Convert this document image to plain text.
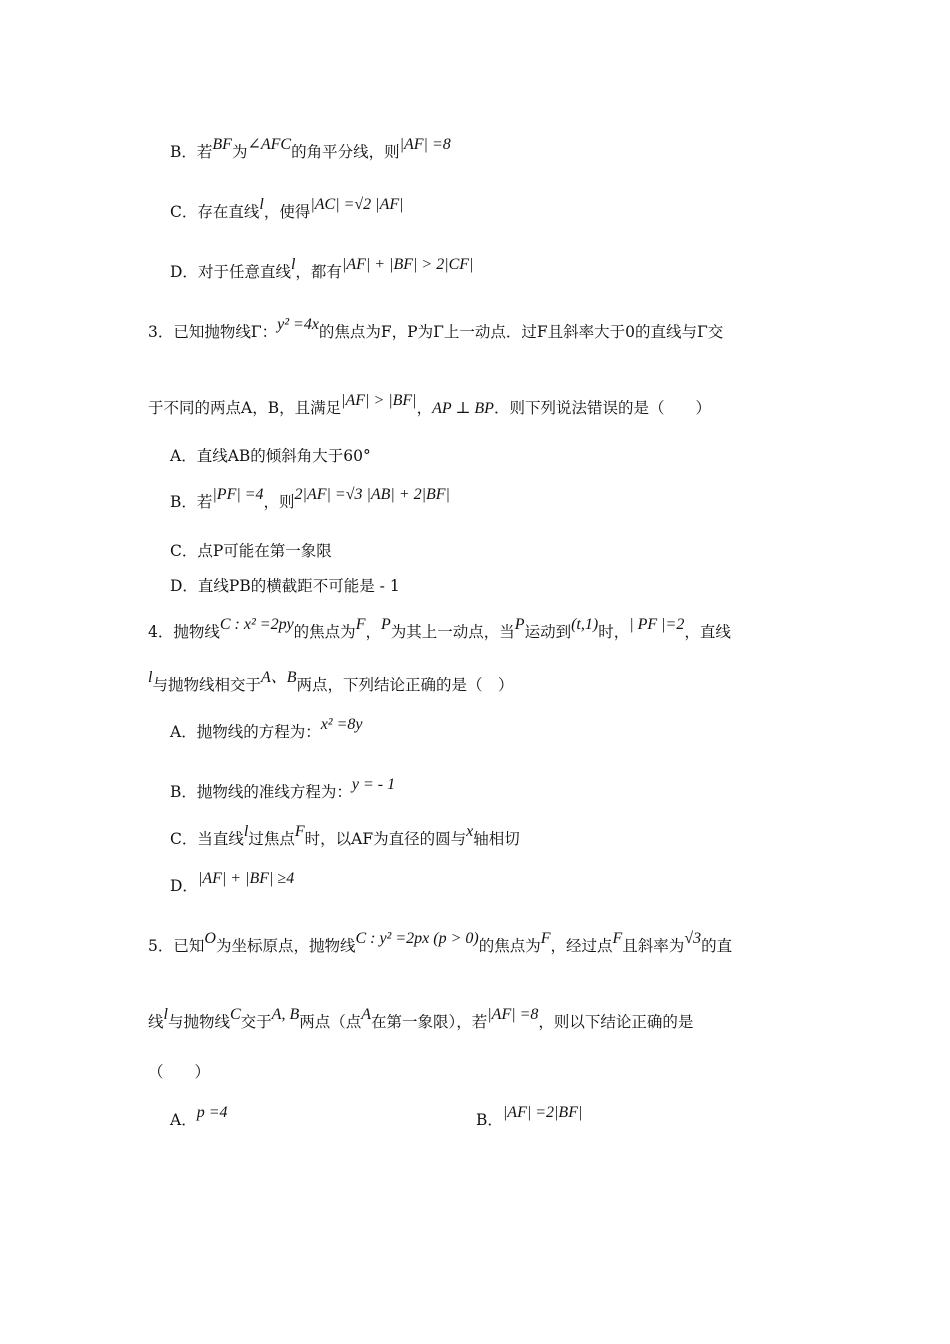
B．若BF为∠AFC的角平分线，则|AF| =8
C．存在直线l，使得|AC| =√2 |AF|
D．对于任意直线l，都有|AF| + |BF| > 2|CF|
3．已知抛物线Γ：y² =4x的焦点为F，P为Γ上一动点．过F且斜率大于0的直线与Γ交
于不同的两点A，B，且满足|AF| > |BF|，AP ⊥ BP．则下列说法错误的是（　　）
A．直线AB的倾斜角大于60°
B．若|PF| =4，则2|AF| =√3 |AB| + 2|BF|
C．点P可能在第一象限
D．直线PB的横截距不可能是 - 1
4．抛物线C : x² =2py的焦点为F，P为其上一动点，当P运动到(t,1)时，| PF |=2，直线
l与抛物线相交于A、B两点，下列结论正确的是（　）
A．抛物线的方程为：x² =8y
B．抛物线的准线方程为：y = - 1
C．当直线l过焦点F时，以AF为直径的圆与x轴相切
D．|AF| + |BF| ≥4
5．已知O为坐标原点，抛物线C : y² =2px (p > 0)的焦点为F，经过点F且斜率为√3的直
线l与抛物线C交于A, B两点（点A在第一象限），若|AF| =8，则以下结论正确的是
（　　）
A．p =4	B．|AF| =2|BF|
